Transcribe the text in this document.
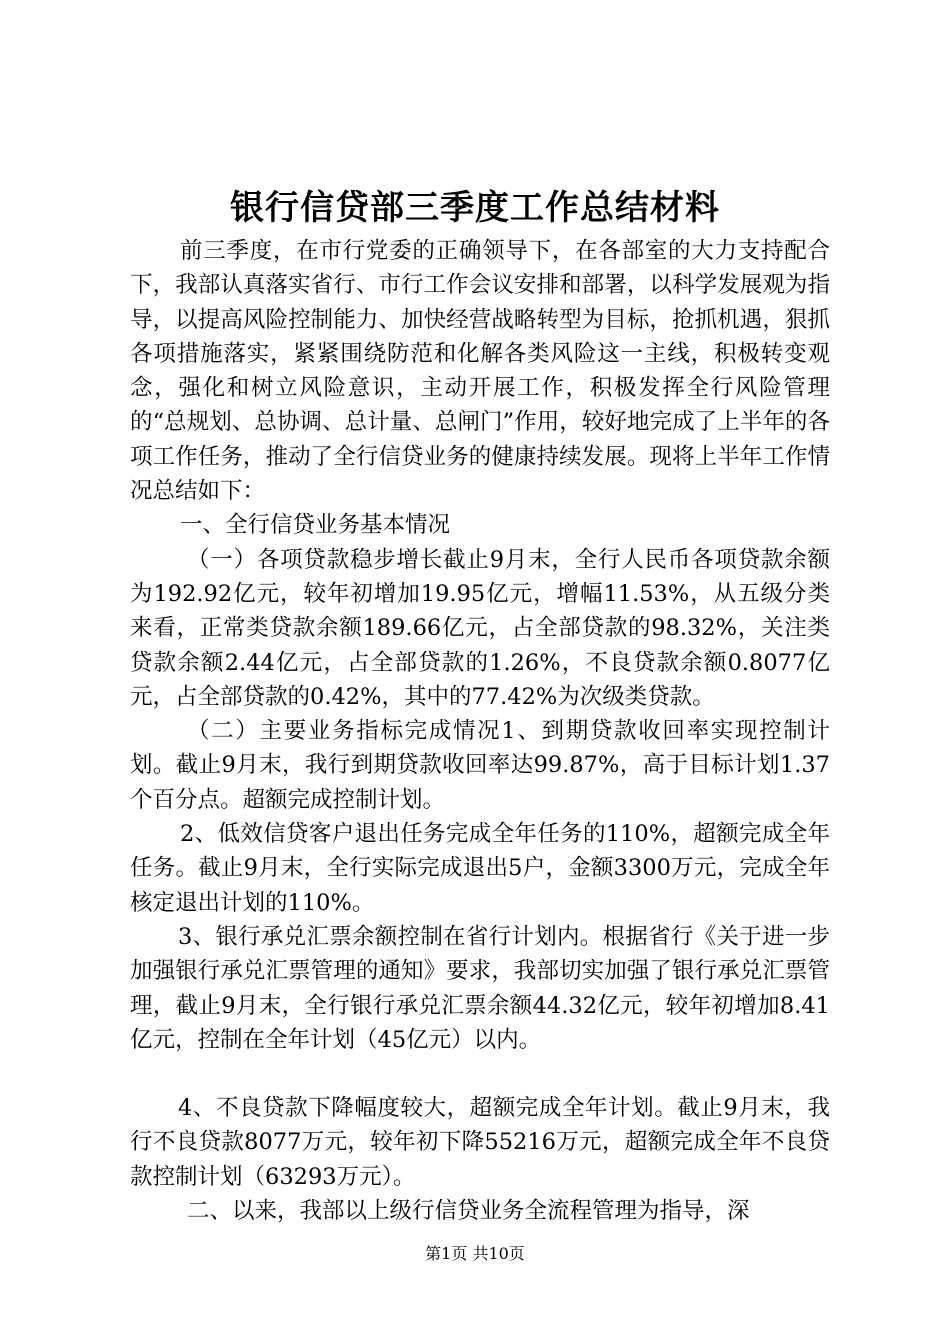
银行信贷部三季度工作总结材料

前三季度，在市行党委的正确领导下，在各部室的大力支持配合下，我部认真落实省行、市行工作会议安排和部署，以科学发展观为指导，以提高风险控制能力、加快经营战略转型为目标，抢抓机遇，狠抓各项措施落实，紧紧围绕防范和化解各类风险这一主线，积极转变观念，强化和树立风险意识，主动开展工作，积极发挥全行风险管理的“总规划、总协调、总计量、总闸门”作用，较好地完成了上半年的各项工作任务，推动了全行信贷业务的健康持续发展。现将上半年工作情况总结如下：

一、全行信贷业务基本情况

（一）各项贷款稳步增长截止9月末，全行人民币各项贷款余额为192.92亿元，较年初增加19.95亿元，增幅11.53%，从五级分类来看，正常类贷款余额189.66亿元，占全部贷款的98.32%，关注类贷款余额2.44亿元，占全部贷款的1.26%，不良贷款余额0.8077亿元，占全部贷款的0.42%，其中的77.42%为次级类贷款。

（二）主要业务指标完成情况1、到期贷款收回率实现控制计划。截止9月末，我行到期贷款收回率达99.87%，高于目标计划1.37个百分点。超额完成控制计划。

2、低效信贷客户退出任务完成全年任务的110%，超额完成全年任务。截止9月末，全行实际完成退出5户，金额3300万元，完成全年核定退出计划的110%。

3、银行承兑汇票余额控制在省行计划内。根据省行《关于进一步加强银行承兑汇票管理的通知》要求，我部切实加强了银行承兑汇票管理，截止9月末，全行银行承兑汇票余额44.32亿元，较年初增加8.41亿元，控制在全年计划（45亿元）以内。

4、不良贷款下降幅度较大，超额完成全年计划。截止9月末，我行不良贷款8077万元，较年初下降55216万元，超额完成全年不良贷款控制计划（63293万元）。

二、以来，我部以上级行信贷业务全流程管理为指导，深

第1页 共10页
